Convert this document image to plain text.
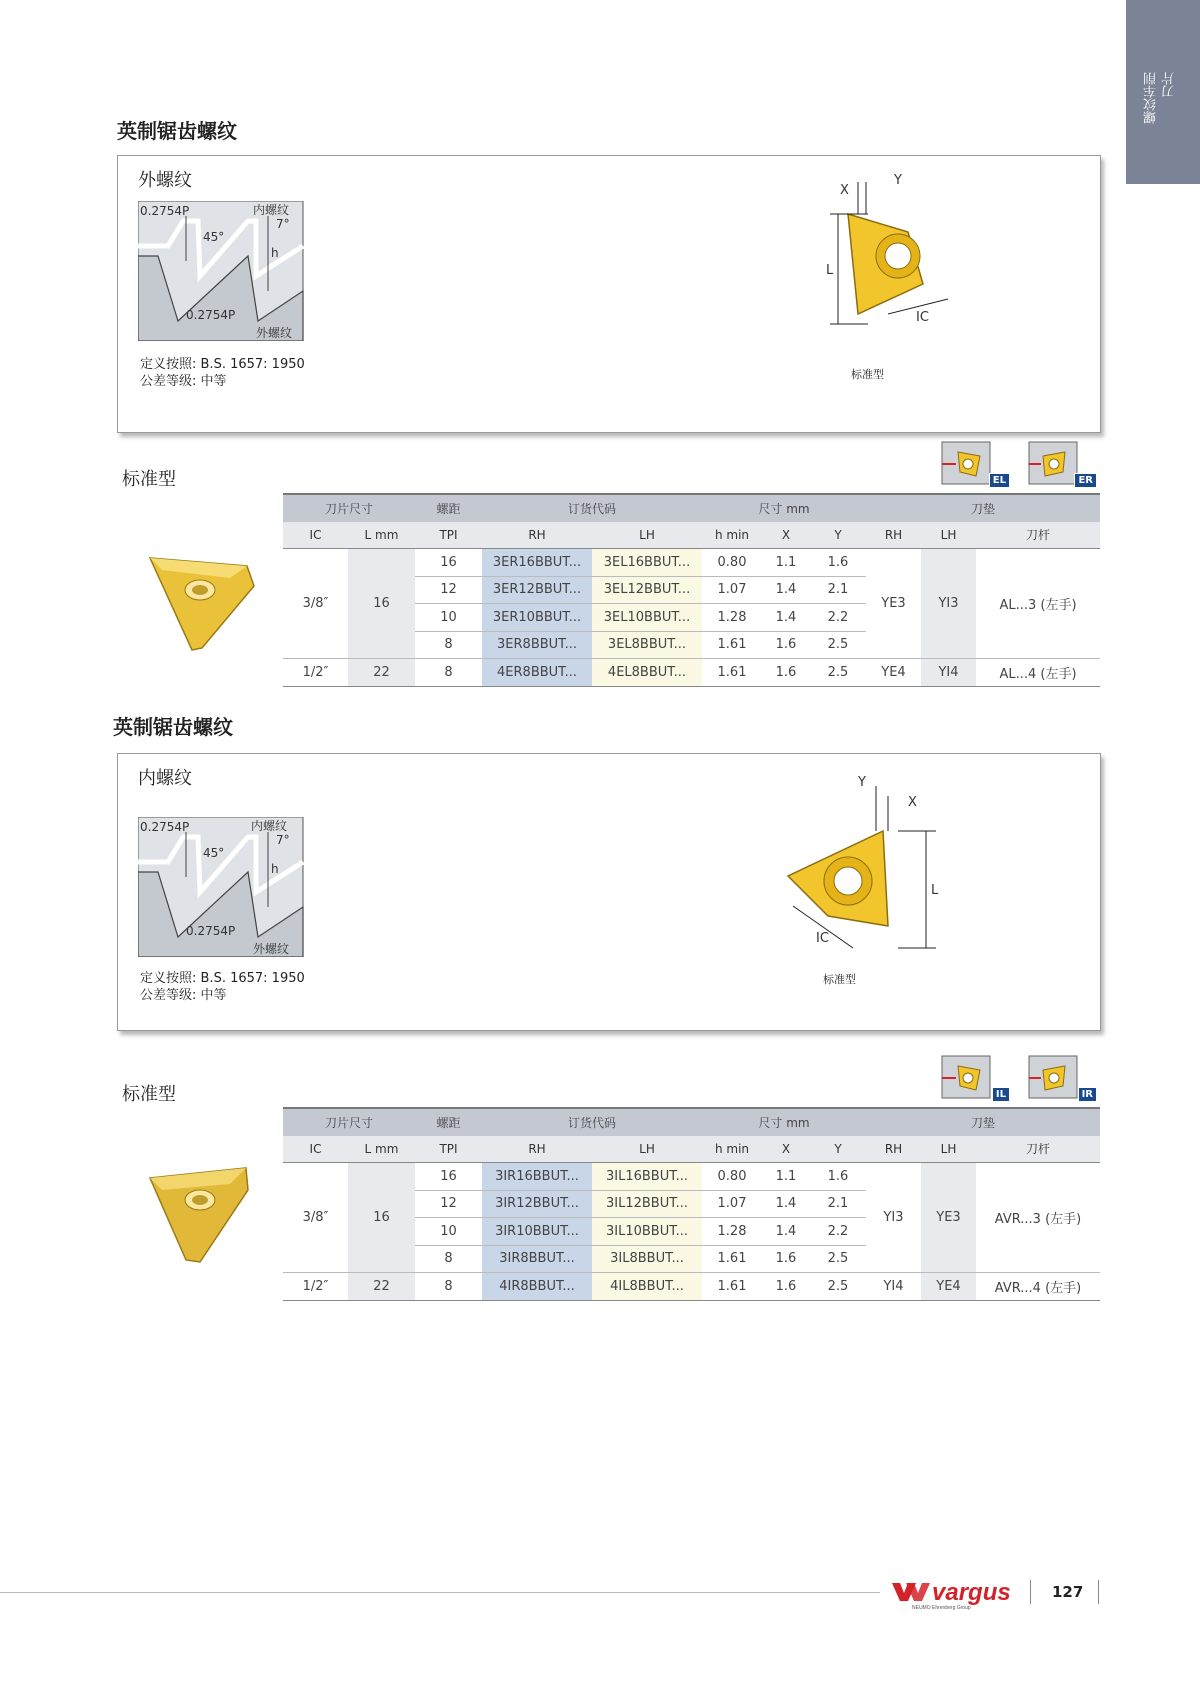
螺纹车削 刀片
英制锯齿螺纹
外螺纹
0.2754P
0.2754P
内螺纹
外螺纹
45°
7°
h
定义按照: B.S. 1657: 1950
公差等级: 中等
X
Y
L
IC
标准型
标准型	EL	ER
刀片尺寸		螺距	订货代码		尺寸 mm			刀垫		
IC	L mm	TPI	RH	LH	h min	X	Y	RH	LH	刀杆
3/8″	16	16	3ER16BBUT...	3EL16BBUT...	0.80	1.1	1.6	YE3	YI3	AL...3 (左手)
		12	3ER12BBUT...	3EL12BBUT...	1.07	1.4	2.1			
		10	3ER10BBUT...	3EL10BBUT...	1.28	1.4	2.2			
		8	3ER8BBUT...	3EL8BBUT...	1.61	1.6	2.5			
1/2″	22	8	4ER8BBUT...	4EL8BBUT...	1.61	1.6	2.5	YE4	YI4	AL...4 (左手)
英制锯齿螺纹
内螺纹
0.2754P
0.2754P
内螺纹
外螺纹
45°
7°
h
定义按照: B.S. 1657: 1950
公差等级: 中等
Y
X
L
IC
标准型
标准型	IL	IR
刀片尺寸		螺距	订货代码		尺寸 mm			刀垫		
IC	L mm	TPI	RH	LH	h min	X	Y	RH	LH	刀杆
3/8″	16	16	3IR16BBUT...	3IL16BBUT...	0.80	1.1	1.6	YI3	YE3	AVR...3 (左手)
		12	3IR12BBUT...	3IL12BBUT...	1.07	1.4	2.1			
		10	3IR10BBUT...	3IL10BBUT...	1.28	1.4	2.2			
		8	3IR8BBUT...	3IL8BBUT...	1.61	1.6	2.5			
1/2″	22	8	4IR8BBUT...	4IL8BBUT...	1.61	1.6	2.5	YI4	YE4	AVR...4 (左手)
vargus
NEUMO Ehrenberg Group
127
